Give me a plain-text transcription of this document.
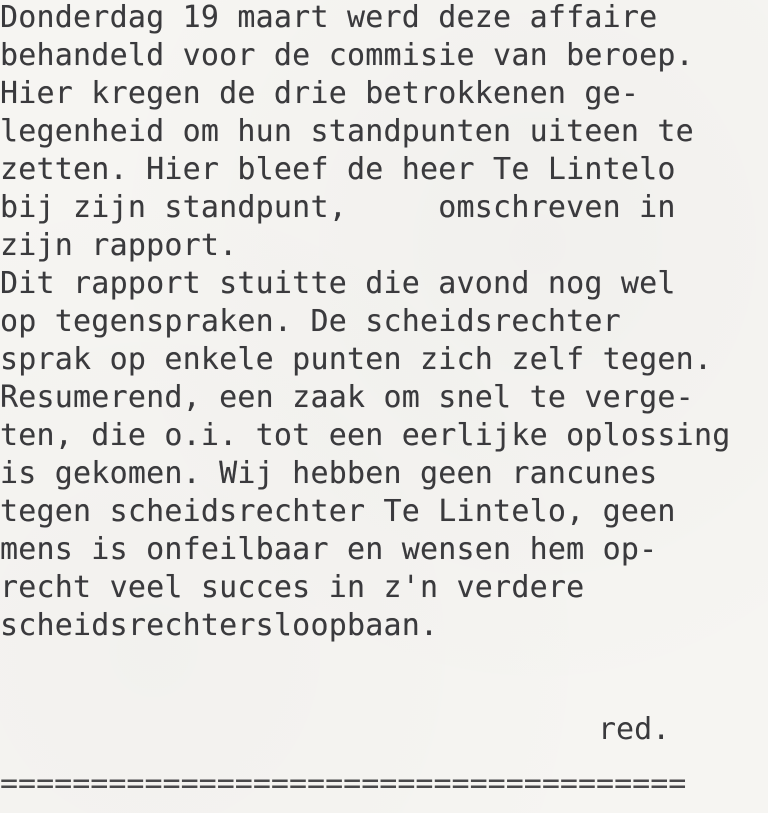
Donderdag 19 maart werd deze affaire
behandeld voor de commisie van beroep.
Hier kregen de drie betrokkenen ge-
legenheid om hun standpunten uiteen te
zetten. Hier bleef de heer Te Lintelo
bij zijn standpunt,     omschreven in
zijn rapport.
Dit rapport stuitte die avond nog wel
op tegenspraken. De scheidsrechter
sprak op enkele punten zich zelf tegen.
Resumerend, een zaak om snel te verge-
ten, die o.i. tot een eerlijke oplossing
is gekomen. Wij hebben geen rancunes
tegen scheidsrechter Te Lintelo, geen
mens is onfeilbaar en wensen hem op-
recht veel succes in z'n verdere
scheidsrechtersloopbaan.
red.
======================================
